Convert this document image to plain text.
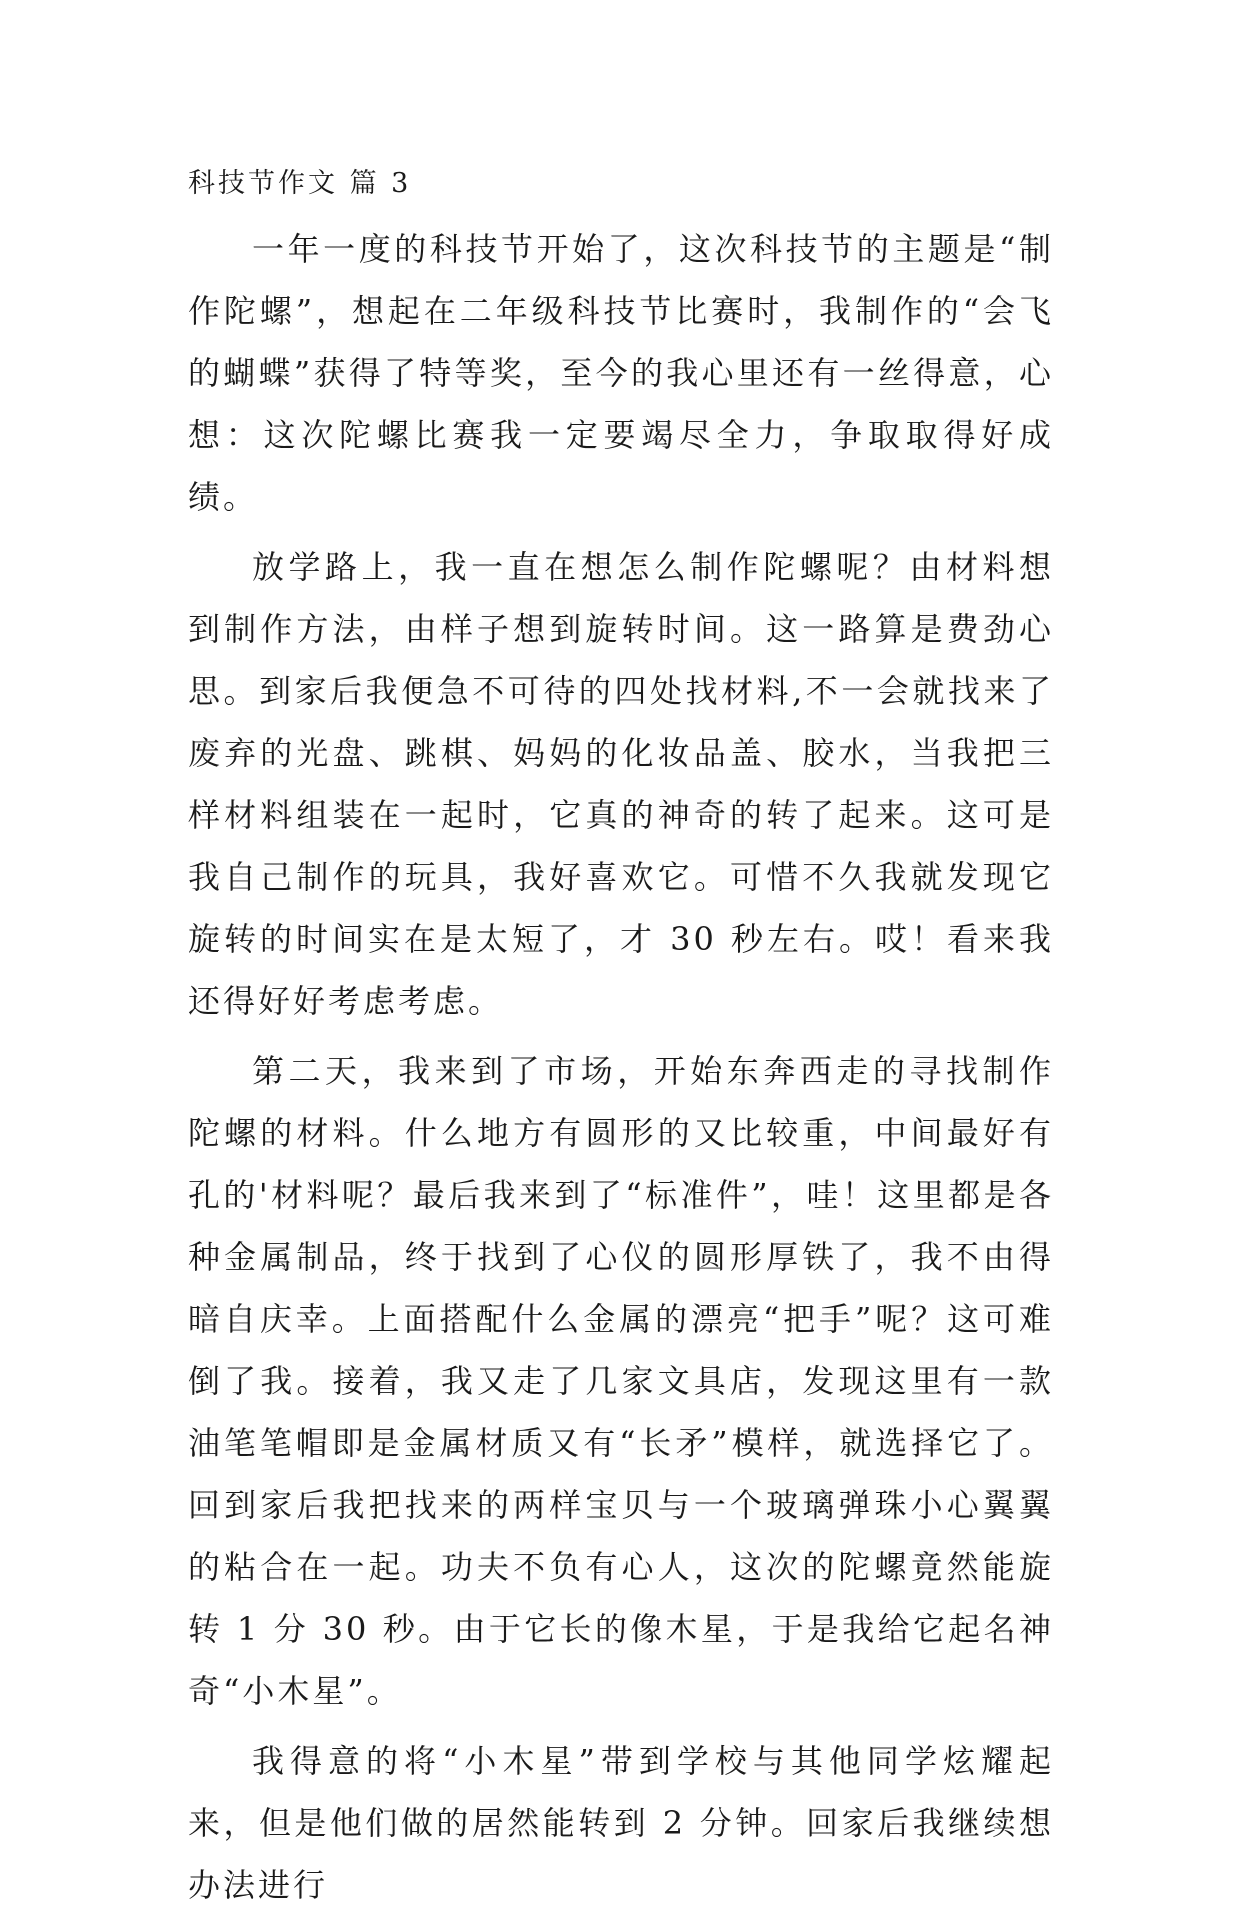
科技节作文 篇 3

一年一度的科技节开始了，这次科技节的主题是“制作陀螺”，想起在二年级科技节比赛时，我制作的“会飞的蝴蝶”获得了特等奖，至今的我心里还有一丝得意，心想：这次陀螺比赛我一定要竭尽全力，争取取得好成绩。

放学路上，我一直在想怎么制作陀螺呢？由材料想到制作方法，由样子想到旋转时间。这一路算是费劲心思。到家后我便急不可待的四处找材料,不一会就找来了废弃的光盘、跳棋、妈妈的化妆品盖、胶水，当我把三样材料组装在一起时，它真的神奇的转了起来。这可是我自己制作的玩具，我好喜欢它。可惜不久我就发现它旋转的时间实在是太短了，才 30 秒左右。哎！看来我还得好好考虑考虑。

第二天，我来到了市场，开始东奔西走的寻找制作陀螺的材料。什么地方有圆形的又比较重，中间最好有孔的'材料呢？最后我来到了“标准件”，哇！这里都是各种金属制品，终于找到了心仪的圆形厚铁了，我不由得暗自庆幸。上面搭配什么金属的漂亮“把手”呢？这可难倒了我。接着，我又走了几家文具店，发现这里有一款油笔笔帽即是金属材质又有“长矛”模样，就选择它了。回到家后我把找来的两样宝贝与一个玻璃弹珠小心翼翼的粘合在一起。功夫不负有心人，这次的陀螺竟然能旋转 1 分 30 秒。由于它长的像木星，于是我给它起名神奇“小木星”。

我得意的将“小木星”带到学校与其他同学炫耀起来，但是他们做的居然能转到 2 分钟。回家后我继续想办法进行
